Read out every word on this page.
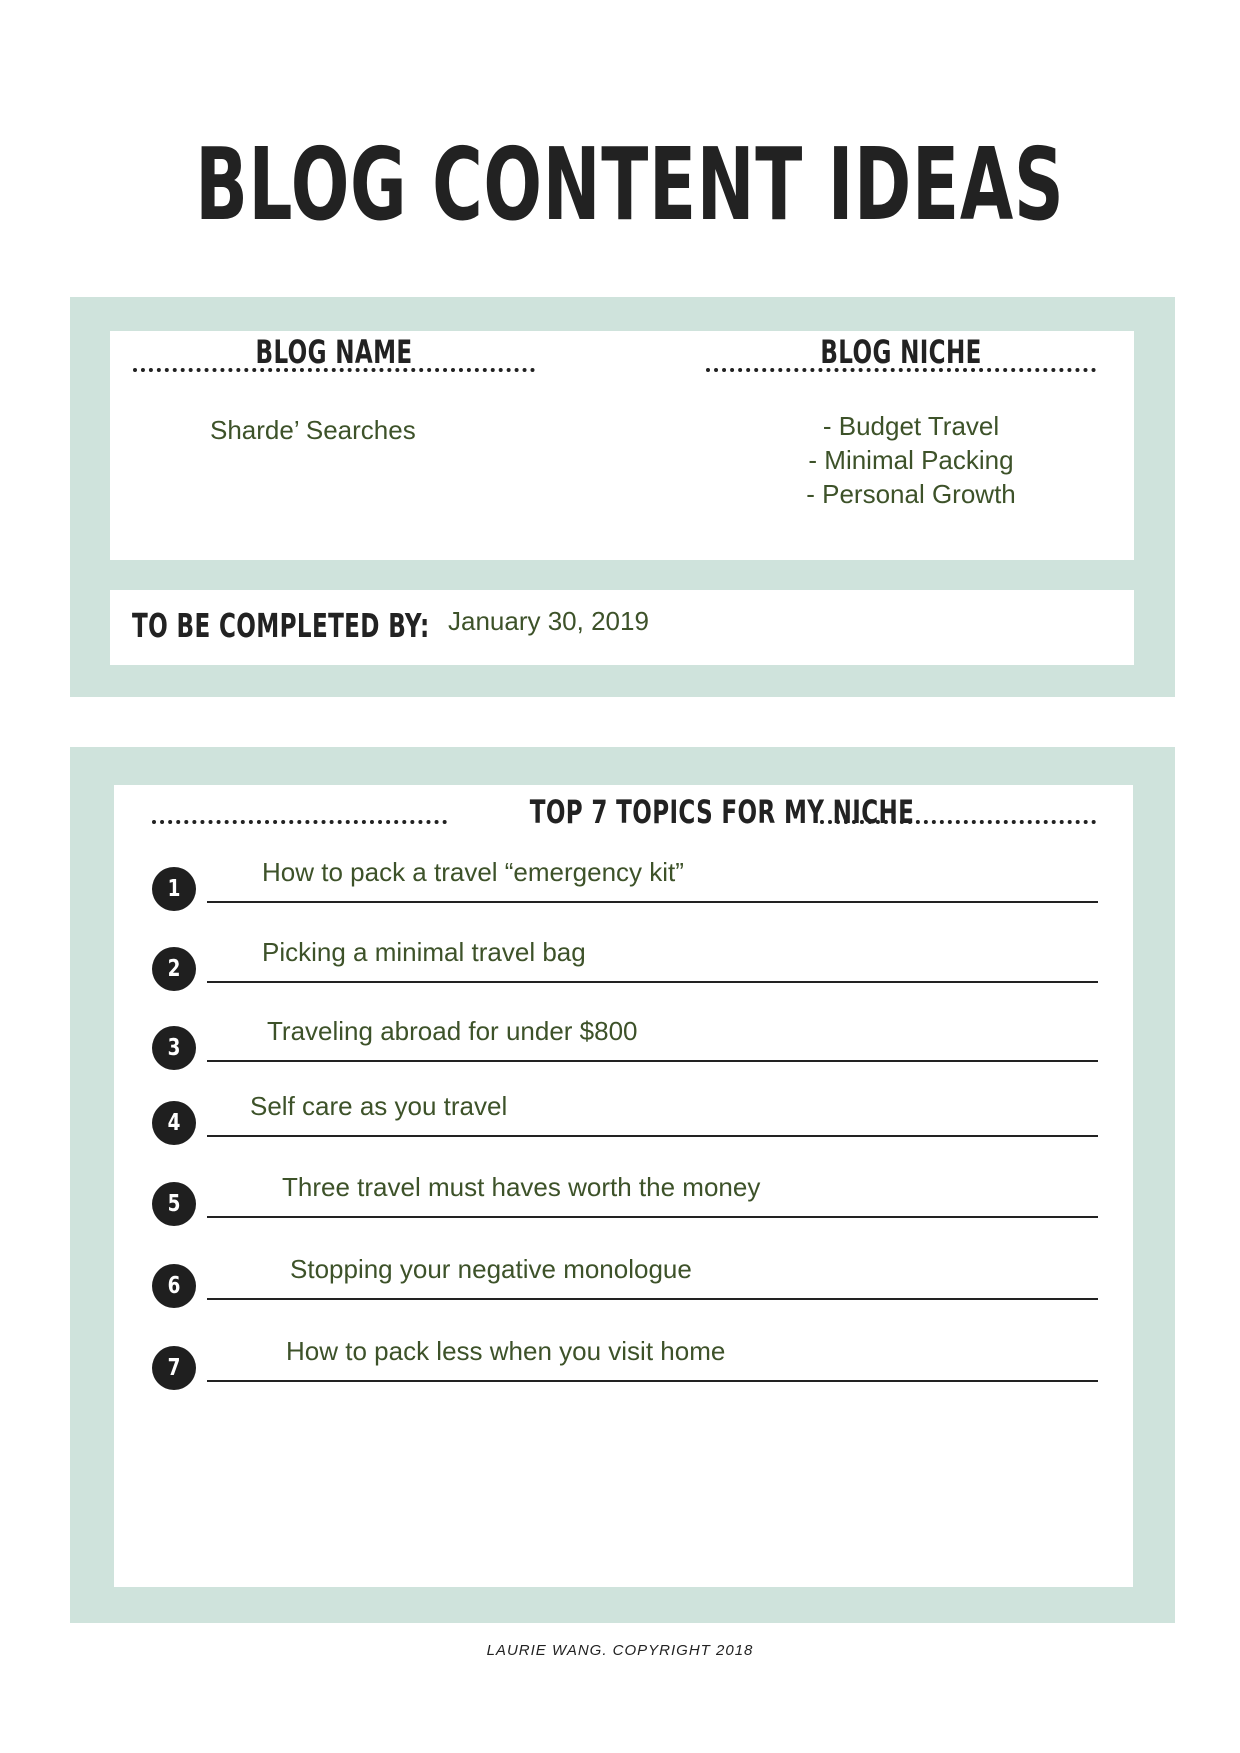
BLOG CONTENT IDEAS
BLOG NAME
Sharde’ Searches
BLOG NICHE
- Budget Travel
- Minimal Packing
- Personal Growth
TO BE COMPLETED BY: January 30, 2019
TOP 7 TOPICS FOR MY NICHE
1
How to pack a travel “emergency kit”
2
Picking a minimal travel bag
3
Traveling abroad for under $800
4
Self care as you travel
5
Three travel must haves worth the money
6
Stopping your negative monologue
7
How to pack less when you visit home
LAURIE WANG. COPYRIGHT 2018
